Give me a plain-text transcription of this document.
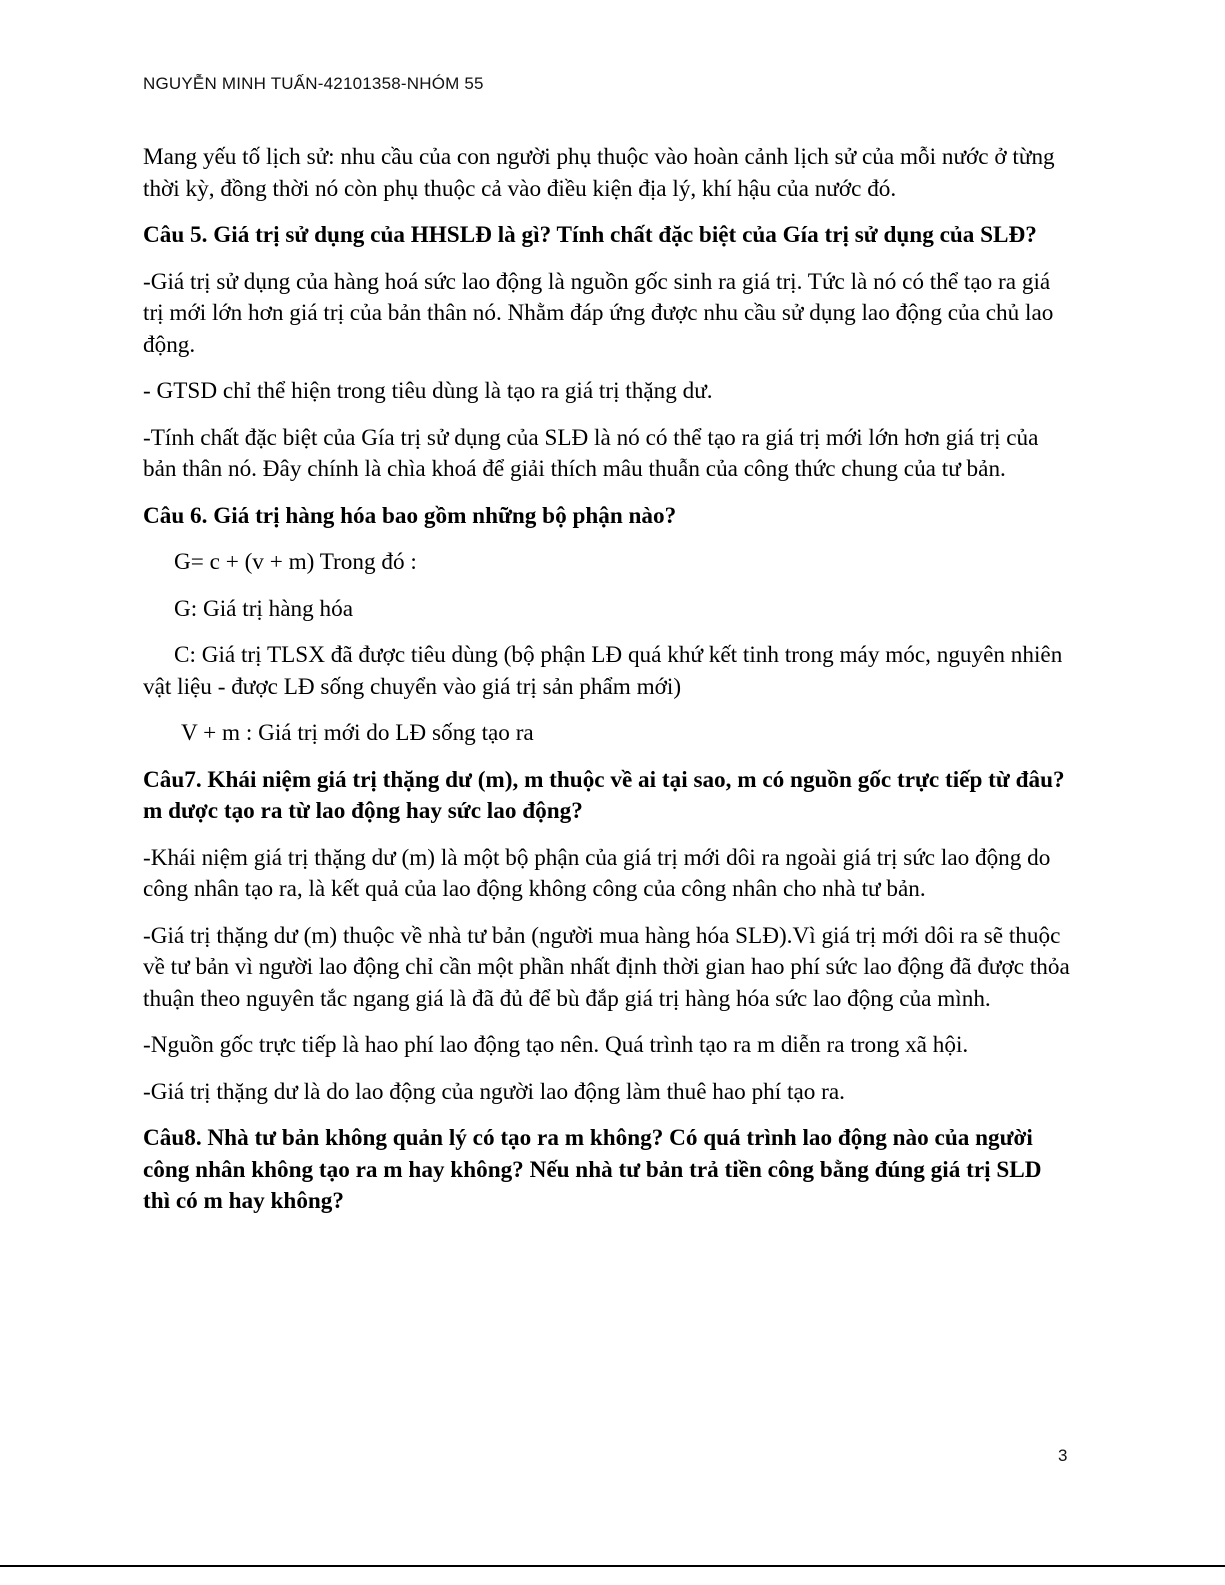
NGUYỄN MINH TUẤN-42101358-NHÓM 55

Mang yếu tố lịch sử: nhu cầu của con người phụ thuộc vào hoàn cảnh lịch sử của mỗi nước ở từng thời kỳ, đồng thời nó còn phụ thuộc cả vào điều kiện địa lý, khí hậu của nước đó.

Câu 5. Giá trị sử dụng của HHSLĐ là gì? Tính chất đặc biệt của Gía trị sử dụng của SLĐ?

-Giá trị sử dụng của hàng hoá sức lao động là nguồn gốc sinh ra giá trị. Tức là nó có thể tạo ra giá trị mới lớn hơn giá trị của bản thân nó. Nhằm đáp ứng được nhu cầu sử dụng lao động của chủ lao động.

- GTSD chỉ thể hiện trong tiêu dùng là tạo ra giá trị thặng dư.

-Tính chất đặc biệt của Gía trị sử dụng của SLĐ là nó có thể tạo ra giá trị mới lớn hơn giá trị của bản thân nó. Đây chính là chìa khoá để giải thích mâu thuẫn của công thức chung của tư bản.

Câu 6. Giá trị hàng hóa bao gồm những bộ phận nào?

G= c + (v + m) Trong đó :

G: Giá trị hàng hóa

C: Giá trị TLSX đã được tiêu dùng (bộ phận LĐ quá khứ kết tinh trong máy móc, nguyên nhiên vật liệu - được LĐ sống chuyển vào giá trị sản phẩm mới)

V + m : Giá trị mới do LĐ sống tạo ra

Câu7. Khái niệm giá trị thặng dư (m), m thuộc về ai tại sao, m có nguồn gốc trực tiếp từ đâu? m dược tạo ra từ lao động hay sức lao động?

-Khái niệm giá trị thặng dư (m) là một bộ phận của giá trị mới dôi ra ngoài giá trị sức lao động do công nhân tạo ra, là kết quả của lao động không công của công nhân cho nhà tư bản.

-Giá trị thặng dư (m) thuộc về nhà tư bản (người mua hàng hóa SLĐ).Vì giá trị mới dôi ra sẽ thuộc về tư bản vì người lao động chỉ cần một phần nhất định thời gian hao phí sức lao động đã được thỏa thuận theo nguyên tắc ngang giá là đã đủ để bù đắp giá trị hàng hóa sức lao động của mình.

-Nguồn gốc trực tiếp là hao phí lao động tạo nên. Quá trình tạo ra m diễn ra trong xã hội.

-Giá trị thặng dư là do lao động của người lao động làm thuê hao phí tạo ra.

Câu8. Nhà tư bản không quản lý có tạo ra m không? Có quá trình lao động nào của người công nhân không tạo ra m hay không? Nếu nhà tư bản trả tiền công bằng đúng giá trị SLD thì có m hay không?
3
